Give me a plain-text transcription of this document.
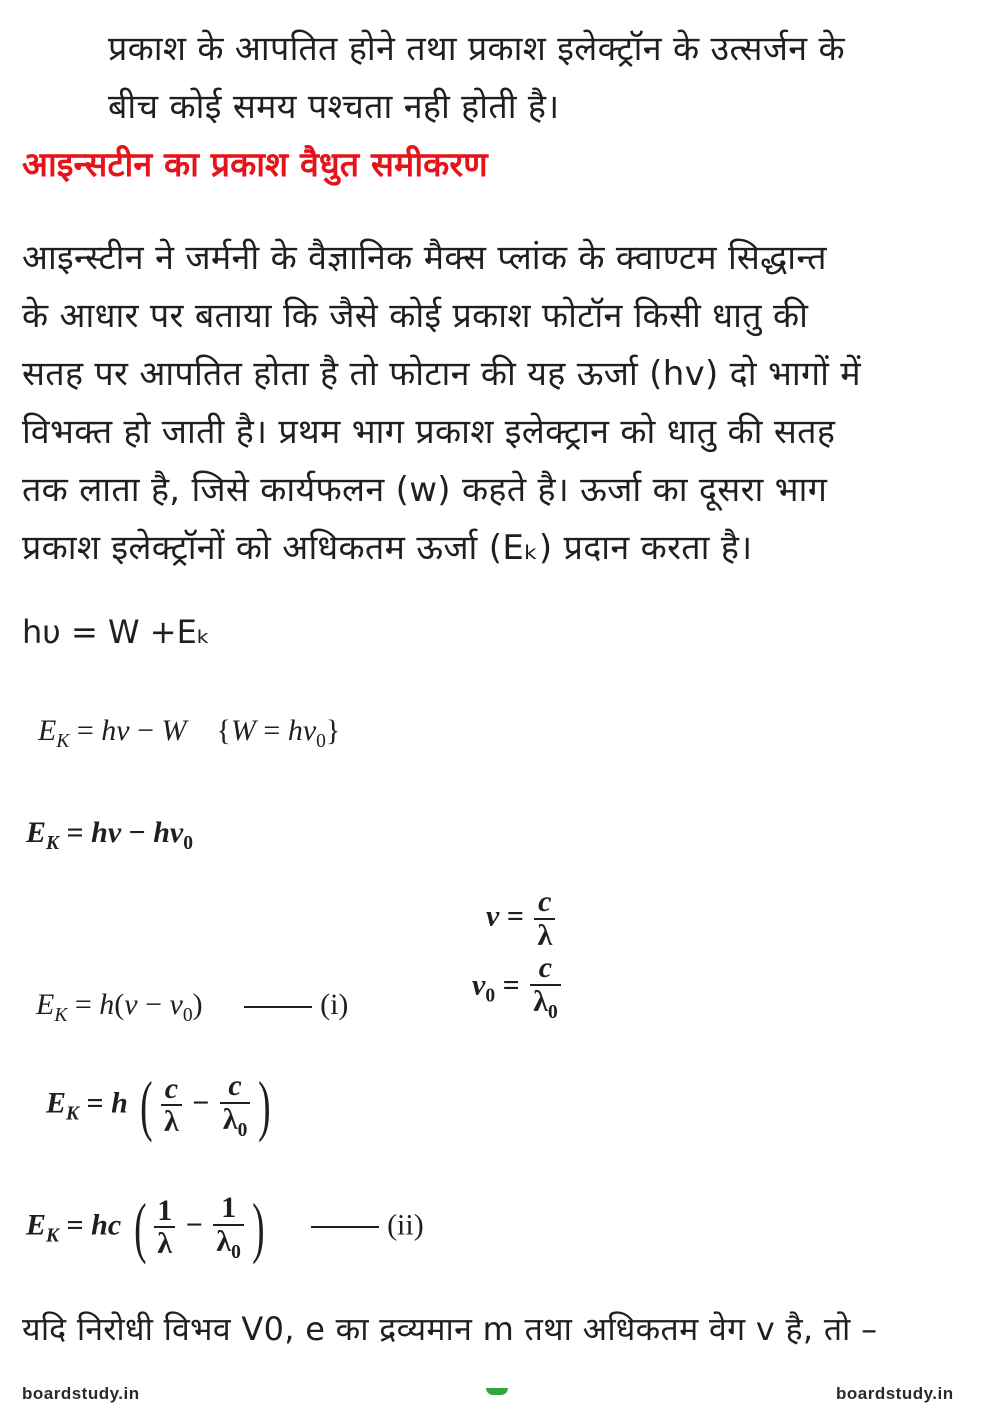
प्रकाश के आपतित होने तथा प्रकाश इलेक्ट्रॉन के उत्सर्जन के
बीच कोई समय पश्चता नही होती है।
आइन्सटीन का प्रकाश वैधुत समीकरण
आइन्स्टीन ने जर्मनी के वैज्ञानिक मैक्स प्लांक के क्वाण्टम सिद्धान्त
के आधार पर बताया कि जैसे कोई प्रकाश फोटॉन किसी धातु की
सतह पर आपतित होता है तो फोटान की यह ऊर्जा (hv) दो भागों में
विभक्त हो जाती है। प्रथम भाग प्रकाश इलेक्ट्रान को धातु की सतह
तक लाता है, जिसे कार्यफलन (w) कहते है। ऊर्जा का दूसरा भाग
प्रकाश इलेक्ट्रॉनों को अधिकतम ऊर्जा (Eₖ) प्रदान करता है।
hυ = W +Eₖ
$E_K = h\nu - W$    $\{W = h\nu_0\}$
$E_K = h\nu - h\nu_0$
$\nu = \frac{c}{\lambda}$
$\nu_0 = \frac{c}{\lambda_0}$
$E_K = h(\nu - \nu_0)$	(i)
$E_K = h$ ( $\frac{c}{\lambda} - \frac{c}{\lambda_0}$ )
$E_K$ = hc ( $\frac{1}{\lambda} - \frac{1}{\lambda_0}$ )	(ii)
यदि निरोधी विभव V0, e का द्रव्यमान m तथा अधिकतम वेग v है, तो –
boardstudy.in	boardstudy.in
